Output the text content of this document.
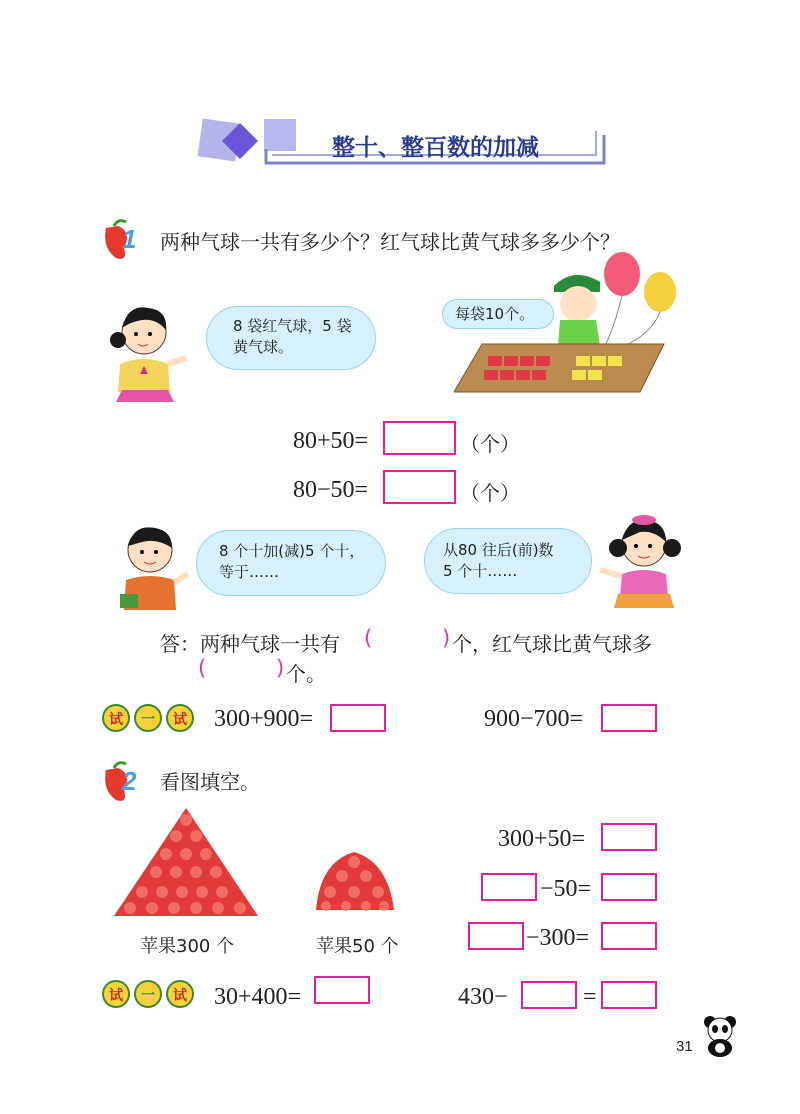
整十、整百数的加减
1 两种气球一共有多少个？红气球比黄气球多多少个？
8 袋红气球，5 袋
黄气球。
每袋10个。
80+50=	（个）
80−50=	（个）
8 个十加(减)5 个十，
等于……
从80 往后(前)数
5 个十……
答：两种气球一共有 (	) 个，红气球比黄气球多
(	) 个。
试 一 试 300+900=	900−700=
2 看图填空。
苹果300 个	苹果50 个
300+50=
−50=
−300=
试 一 试 30+400=	430−	=
31
